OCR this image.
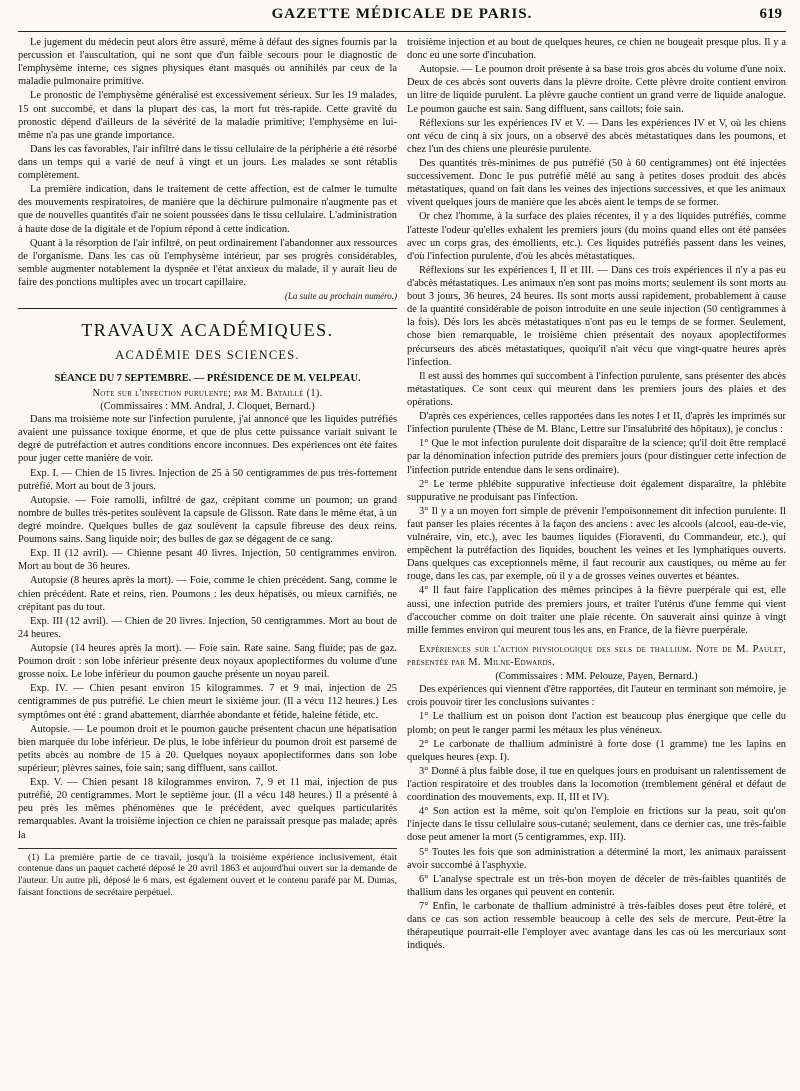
GAZETTE MÉDICALE DE PARIS.	619

Le jugement du médecin peut alors être assuré, même à défaut des signes fournis par la percussion et l'auscultation, qui ne sont que d'un faible secours pour le diagnostic de l'emphysème interne, ces signes physiques étant masqués ou annihilés par ceux de la maladie pulmonaire primitive.

Le pronostic de l'emphysème généralisé est excessivement sérieux. Sur les 19 malades, 15 ont succombé, et dans la plupart des cas, la mort fut très-rapide. Cette gravité du pronostic dépend d'ailleurs de la sévérité de la maladie primitive; l'emphysème en lui-même n'a pas une grande importance.

Dans les cas favorables, l'air infiltré dans le tissu cellulaire de la périphérie a été résorbé dans un temps qui a varié de neuf à vingt et un jours. Les malades se sont rétablis complètement.

La première indication, dans le traitement de cette affection, est de calmer le tumulte des mouvements respiratoires, de manière que la déchirure pulmonaire n'augmente pas et que de nouvelles quantités d'air ne soient poussées dans le tissu cellulaire. L'administration à haute dose de la digitale et de l'opium répond à cette indication.

Quant à la résorption de l'air infiltré, on peut ordinairement l'abandonner aux ressources de l'organisme. Dans les cas où l'emphysème intérieur, par ses progrès considérables, semble augmenter notablement la dyspnée et l'état anxieux du malade, il y aurait lieu de faire des ponctions multiples avec un trocart capillaire.

(La suite au prochain numéro.)
TRAVAUX ACADÉMIQUES.
ACADÉMIE DES SCIENCES.
SÉANCE DU 7 SEPTEMBRE. — PRÉSIDENCE DE M. VELPEAU.
Note sur l'infection purulente; par M. Bataillé (1).
(Commissaires : MM. Andral, J. Cloquet, Bernard.)

Dans ma troisième note sur l'infection purulente, j'ai annoncé que les liquides putréfiés avaient une puissance toxique énorme, et que de plus cette puissance variait suivant le degré de putréfaction et autres conditions encore inconnues. Des expériences ont été faites pour juger cette manière de voir.

Exp. I. — Chien de 15 livres. Injection de 25 à 50 centigrammes de pus très-fortement putréfié. Mort au bout de 3 jours.

Autopsie. — Foie ramolli, infiltré de gaz, crépitant comme un poumon; un grand nombre de bulles très-petites soulèvent la capsule de Glisson. Rate dans le même état, à un degré moindre. Quelques bulles de gaz soulèvent la capsule fibreuse des deux reins. Poumons sains. Sang liquide noir; des bulles de gaz se dégagent de ce sang.

Exp. II (12 avril). — Chienne pesant 40 livres. Injection, 50 centigrammes environ. Mort au bout de 36 heures.

Autopsie (8 heures après la mort). — Foie, comme le chien précédent. Sang, comme le chien précédent. Rate et reins, rien. Poumons : les deux hépatisés, ou mieux carnifiés, ne crépitant pas du tout.

Exp. III (12 avril). — Chien de 20 livres. Injection, 50 centigrammes. Mort au bout de 24 heures.

Autopsie (14 heures après la mort). — Foie sain. Rate saine. Sang fluide; pas de gaz. Poumon droit : son lobe inférieur présente deux noyaux apoplectiformes du volume d'une grosse noix. Le lobe inférieur du poumon gauche présente un noyau pareil.

Exp. IV. — Chien pesant environ 15 kilogrammes. 7 et 9 mai, injection de 25 centigrammes de pus putréfié. Le chien meurt le sixième jour. (Il a vécu 112 heures.) Les symptômes ont été : grand abattement, diarrhée abondante et fétide, haleine fétide, etc.

Autopsie. — Le poumon droit et le poumon gauche présentent chacun une hépatisation bien marquée du lobe inférieur. De plus, le lobe inférieur du poumon droit est parsemé de petits abcès au nombre de 15 à 20. Quelques noyaux apoplectiformes dans son lobe supérieur; plèvres saines, foie sain; sang diffluent, sans caillot.

Exp. V. — Chien pesant 18 kilogrammes environ. 7, 9 et 11 mai, injection de pus putréfié, 20 centigrammes. Mort le septième jour. (Il a vécu 148 heures.) Il a présenté à peu près les mêmes phénomènes que le précédent, avec quelques particularités remarquables. Avant la troisième injection ce chien ne paraissait presque pas malade; après la

(1) La première partie de ce travail, jusqu'à la troisième expérience inclusivement, était contenue dans un paquet cacheté déposé le 20 avril 1863 et aujourd'hui ouvert sur la demande de l'auteur. Un autre pli, déposé le 6 mars, est également ouvert et le contenu parafé par M. Dumas, faisant fonctions de secrétaire perpétuel.

troisième injection et au bout de quelques heures, ce chien ne bougeait presque plus. Il y a donc eu une sorte d'incubation.

Autopsie. — Le poumon droit présente à sa base trois gros abcès du volume d'une noix. Deux de ces abcès sont ouverts dans la plèvre droite. Cette plèvre droite contient environ un litre de liquide purulent. La plèvre gauche contient un grand verre de liquide analogue. Le poumon gauche est sain. Sang diffluent, sans caillots; foie sain.

Réflexions sur les expériences IV et V. — Dans les expériences IV et V, où les chiens ont vécu de cinq à six jours, on a observé des abcès métastatiques dans les poumons, et chez l'un des chiens une pleurésie purulente.

Des quantités très-minimes de pus putréfié (50 à 60 centigrammes) ont été injectées successivement. Donc le pus putréfié mêlé au sang à petites doses produit des abcès métastatiques, quand on fait dans les veines des injections successives, et que les animaux vivent quelques jours de manière que les abcès aient le temps de se former.

Or chez l'homme, à la surface des plaies récentes, il y a des liquides putréfiés, comme l'atteste l'odeur qu'elles exhalent les premiers jours (du moins quand elles ont été pansées avec un corps gras, des émollients, etc.). Ces liquides putréfiés passent dans les veines, d'où l'infection purulente, d'où les abcès métastatiques.

Réflexions sur les expériences I, II et III. — Dans ces trois expériences il n'y a pas eu d'abcès métastatiques. Les animaux n'en sont pas moins morts; seulement ils sont morts au bout 3 jours, 36 heures, 24 heures. Ils sont morts aussi rapidement, probablement à cause de la quantité considérable de poison introduite en une seule injection (50 centigrammes à la fois). Dès lors les abcès métastatiques n'ont pas eu le temps de se former. Seulement, chose bien remarquable, le troisième chien présentait des noyaux apoplectiformes précurseurs des abcès métastatiques, quoiqu'il n'ait vécu que vingt-quatre heures après l'infection.

Il est aussi des hommes qui succombent à l'infection purulente, sans présenter des abcès métastatiques. Ce sont ceux qui meurent dans les premiers jours des plaies et des opérations.

D'après ces expériences, celles rapportées dans les notes I et II, d'après les imprimés sur l'infection purulente (Thèse de M. Blanc, Lettre sur l'insalubrité des hôpitaux), je conclus :

1° Que le mot infection purulente doit disparaître de la science; qu'il doit être remplacé par la dénomination infection putride des premiers jours (pour distinguer cette infection de l'infection putride entendue dans le sens ordinaire).

2° Le terme phlébite suppurative infectieuse doit également disparaître, la phlébite suppurative ne produisant pas l'infection.

3° Il y a un moyen fort simple de prévenir l'empoisonnement dit infection purulente. Il faut panser les plaies récentes à la façon des anciens : avec les alcools (alcool, eau-de-vie, vulnéraire, vin, etc.), avec les baumes liquides (Fioraventi, du Commandeur, etc.), qui empêchent la putréfaction des liquides, bouchent les veines et les lymphatiques ouverts. Dans quelques cas exceptionnels même, il faut recourir aux caustiques, ou même au fer rouge, dans les cas, par exemple, où il y a de grosses veines ouvertes et béantes.

4° Il faut faire l'application des mêmes principes à la fièvre puerpérale qui est, elle aussi, une infection putride des premiers jours, et traiter l'utérus d'une femme qui vient d'accoucher comme on doit traiter une plaie récente. On sauverait ainsi quinze à vingt mille femmes environ qui meurent tous les ans, en France, de la fièvre puerpérale.

Expériences sur l'action physiologique des sels de thallium. Note de M. Paulet, présentée par M. Milne-Edwards.

(Commissaires : MM. Pelouze, Payen, Bernard.)

Des expériences qui viennent d'être rapportées, dit l'auteur en terminant son mémoire, je crois pouvoir tirer les conclusions suivantes :

1° Le thallium est un poison dont l'action est beaucoup plus énergique que celle du plomb; on peut le ranger parmi les métaux les plus vénéneux.

2° Le carbonate de thallium administré à forte dose (1 gramme) tue les lapins en quelques heures (exp. I).

3° Donné à plus faible dose, il tue en quelques jours en produisant un ralentissement de l'action respiratoire et des troubles dans la locomotion (tremblement général et défaut de coordination des mouvements, exp. II, III et IV).

4° Son action est la même, soit qu'on l'emploie en frictions sur la peau, soit qu'on l'injecte dans le tissu cellulaire sous-cutané; seulement, dans ce dernier cas, une très-faible dose peut amener la mort (5 centigrammes, exp. III).

5° Toutes les fois que son administration a déterminé la mort, les animaux paraissent avoir succombé à l'asphyxie.

6° L'analyse spectrale est un très-bon moyen de déceler de très-faibles quantités de thallium dans les organes qui peuvent en contenir.

7° Enfin, le carbonate de thallium administré à très-faibles doses peut être toléré, et dans ce cas son action ressemble beaucoup à celle des sels de mercure. Peut-être la thérapeutique pourrait-elle l'employer avec avantage dans les cas où les mercuriaux sont indiqués.
